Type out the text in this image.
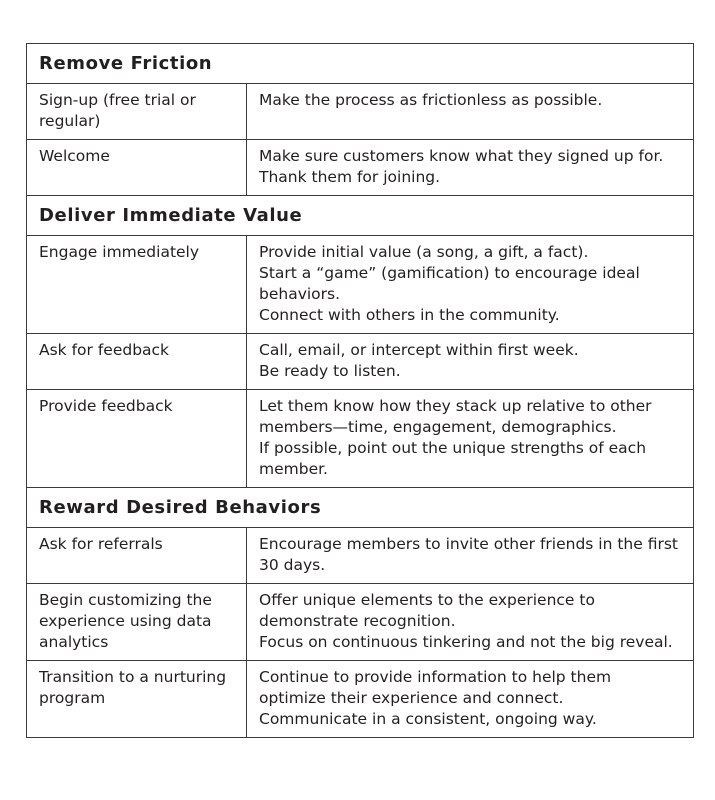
Remove Friction	
Sign-up (free trial or regular)	Make the process as frictionless as possible.

Welcome	Make sure customers know what they signed up for.
Thank them for joining.

Deliver Immediate Value	
Engage immediately	Provide initial value (a song, a gift, a fact).
Start a “game” (gamification) to encourage ideal behaviors.
Connect with others in the community.

Ask for feedback	Call, email, or intercept within first week.
Be ready to listen.

Provide feedback	Let them know how they stack up relative to other members—time, engagement, demographics.
If possible, point out the unique strengths of each member.

Reward Desired Behaviors	
Ask for referrals	Encourage members to invite other friends in the first 30 days.

Begin customizing the experience using data analytics	Offer unique elements to the experience to demonstrate recognition.
Focus on continuous tinkering and not the big reveal.

Transition to a nurturing program	Continue to provide information to help them optimize their experience and connect.
Communicate in a consistent, ongoing way.
